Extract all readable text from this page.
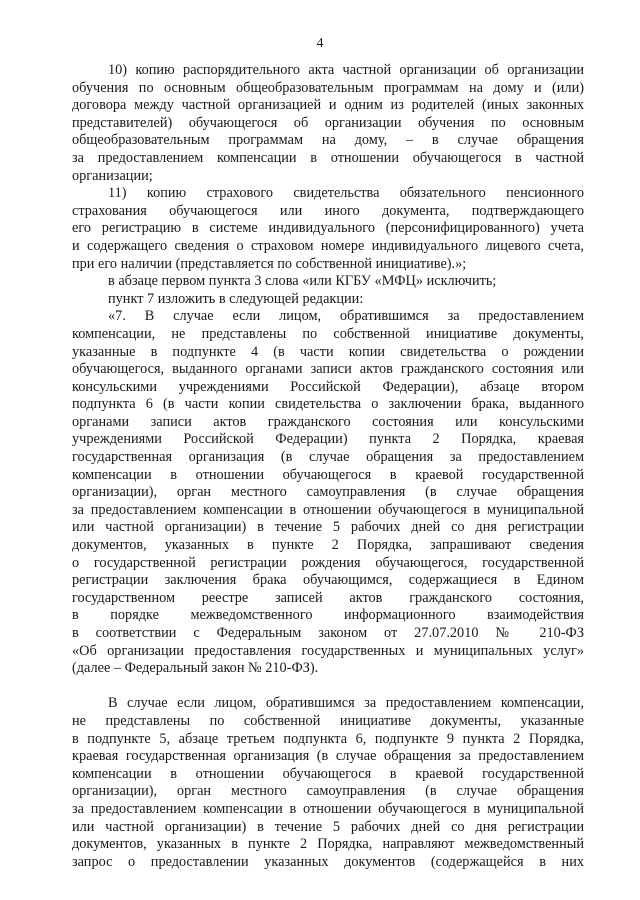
4
10) копию распорядительного акта частной организации об организации
обучения по основным общеобразовательным программам на дому и (или)
договора между частной организацией и одним из родителей (иных законных
представителей) обучающегося об организации обучения по основным
общеобразовательным программам на дому, – в случае обращения
за предоставлением компенсации в отношении обучающегося в частной
организации;
11) копию страхового свидетельства обязательного пенсионного
страхования обучающегося или иного документа, подтверждающего
его регистрацию в системе индивидуального (персонифицированного) учета
и содержащего сведения о страховом номере индивидуального лицевого счета,
при его наличии (представляется по собственной инициативе).»;
в абзаце первом пункта 3 слова «или КГБУ «МФЦ» исключить;
пункт 7 изложить в следующей редакции:
«7. В случае если лицом, обратившимся за предоставлением
компенсации, не представлены по собственной инициативе документы,
указанные в подпункте 4 (в части копии свидетельства о рождении
обучающегося, выданного органами записи актов гражданского состояния или
консульскими учреждениями Российской Федерации), абзаце втором
подпункта 6 (в части копии свидетельства о заключении брака, выданного
органами записи актов гражданского состояния или консульскими
учреждениями Российской Федерации) пункта 2 Порядка, краевая
государственная организация (в случае обращения за предоставлением
компенсации в отношении обучающегося в краевой государственной
организации), орган местного самоуправления (в случае обращения
за предоставлением компенсации в отношении обучающегося в муниципальной
или частной организации) в течение 5 рабочих дней со дня регистрации
документов, указанных в пункте 2 Порядка, запрашивают сведения
о государственной регистрации рождения обучающегося, государственной
регистрации заключения брака обучающимся, содержащиеся в Едином
государственном реестре записей актов гражданского состояния,
в порядке межведомственного информационного взаимодействия
в соответствии с Федеральным законом от 27.07.2010 № 210-ФЗ
«Об организации предоставления государственных и муниципальных услуг»
(далее – Федеральный закон № 210-ФЗ).
В случае если лицом, обратившимся за предоставлением компенсации,
не представлены по собственной инициативе документы, указанные
в подпункте 5, абзаце третьем подпункта 6, подпункте 9 пункта 2 Порядка,
краевая государственная организация (в случае обращения за предоставлением
компенсации в отношении обучающегося в краевой государственной
организации), орган местного самоуправления (в случае обращения
за предоставлением компенсации в отношении обучающегося в муниципальной
или частной организации) в течение 5 рабочих дней со дня регистрации
документов, указанных в пункте 2 Порядка, направляют межведомственный
запрос о предоставлении указанных документов (содержащейся в них
